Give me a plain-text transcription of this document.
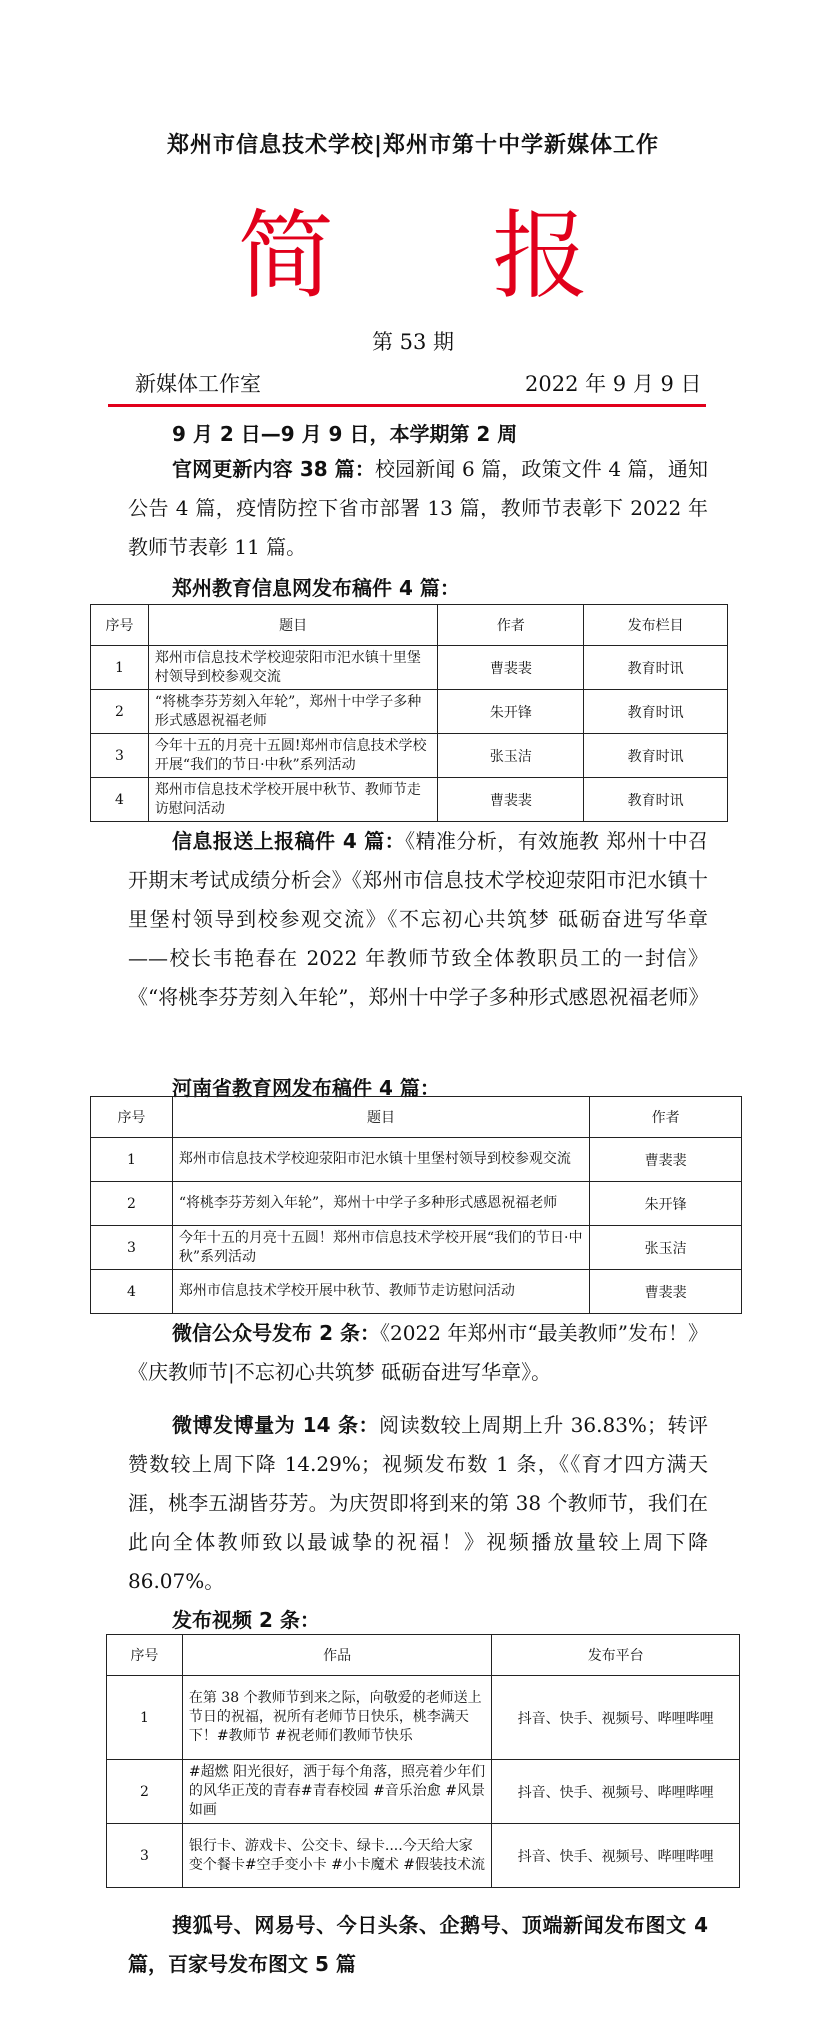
郑州市信息技术学校|郑州市第十中学新媒体工作
简 报
第 53 期
新媒体工作室	2022 年 9 月 9 日
9 月 2 日—9 月 9 日，本学期第 2 周
官网更新内容 38 篇：校园新闻 6 篇，政策文件 4 篇，通知公告 4 篇，疫情防控下省市部署 13 篇，教师节表彰下 2022 年教师节表彰 11 篇。
郑州教育信息网发布稿件 4 篇：
序号	题目	作者	发布栏目
1	郑州市信息技术学校迎荥阳市汜水镇十里堡村领导到校参观交流	曹裴裴	教育时讯
2	“将桃李芬芳刻入年轮”，郑州十中学子多种形式感恩祝福老师	朱开锋	教育时讯
3	今年十五的月亮十五圆!郑州市信息技术学校开展“我们的节日·中秋”系列活动	张玉洁	教育时讯
4	郑州市信息技术学校开展中秋节、教师节走访慰问活动	曹裴裴	教育时讯
信息报送上报稿件 4 篇：《精准分析，有效施教 郑州十中召开期末考试成绩分析会》《郑州市信息技术学校迎荥阳市汜水镇十里堡村领导到校参观交流》《不忘初心共筑梦 砥砺奋进写华章 ——校长韦艳春在 2022 年教师节致全体教职员工的一封信》《“将桃李芬芳刻入年轮”，郑州十中学子多种形式感恩祝福老师》
河南省教育网发布稿件 4 篇：
序号	题目	作者
1	郑州市信息技术学校迎荥阳市汜水镇十里堡村领导到校参观交流	曹裴裴
2	“将桃李芬芳刻入年轮”，郑州十中学子多种形式感恩祝福老师	朱开锋
3	今年十五的月亮十五圆！郑州市信息技术学校开展“我们的节日·中秋”系列活动	张玉洁
4	郑州市信息技术学校开展中秋节、教师节走访慰问活动	曹裴裴
微信公众号发布 2 条：《2022 年郑州市“最美教师”发布！》《庆教师节|不忘初心共筑梦 砥砺奋进写华章》。
微博发博量为 14 条：阅读数较上周期上升 36.83%；转评赞数较上周下降 14.29%；视频发布数 1 条，《《育才四方满天涯，桃李五湖皆芬芳。为庆贺即将到来的第 38 个教师节，我们在此向全体教师致以最诚挚的祝福！》视频播放量较上周下降 86.07%。
发布视频 2 条：
序号	作品	发布平台
1	在第 38 个教师节到来之际，向敬爱的老师送上节日的祝福，祝所有老师节日快乐，桃李满天下！#教师节 #祝老师们教师节快乐	抖音、快手、视频号、哔哩哔哩
2	#超燃 阳光很好，洒于每个角落，照亮着少年们的风华正茂的青春#青春校园 #音乐治愈 #风景如画	抖音、快手、视频号、哔哩哔哩
3	银行卡、游戏卡、公交卡、绿卡....今天给大家变个餐卡#空手变小卡 #小卡魔术 #假装技术流	抖音、快手、视频号、哔哩哔哩
搜狐号、网易号、今日头条、企鹅号、顶端新闻发布图文 4 篇，百家号发布图文 5 篇
